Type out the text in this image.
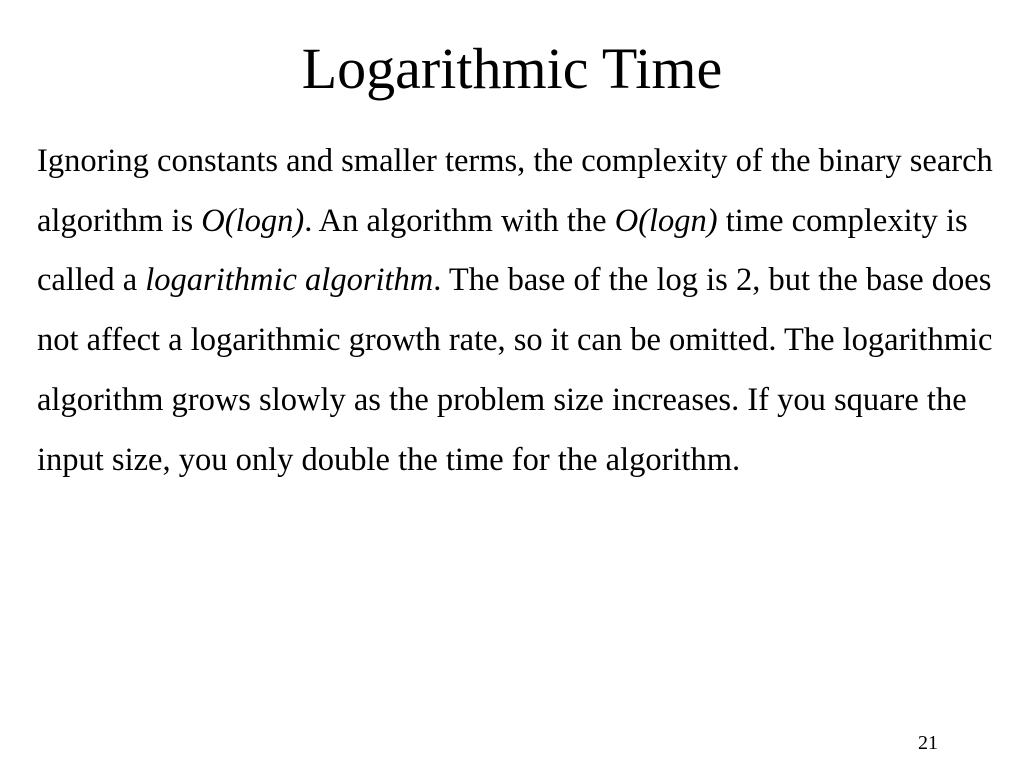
Logarithmic Time

Ignoring constants and smaller terms, the complexity of the binary search algorithm is O(logn). An algorithm with the O(logn) time complexity is called a logarithmic algorithm. The base of the log is 2, but the base does not affect a logarithmic growth rate, so it can be omitted. The logarithmic algorithm grows slowly as the problem size increases. If you square the input size, you only double the time for the algorithm.

21
